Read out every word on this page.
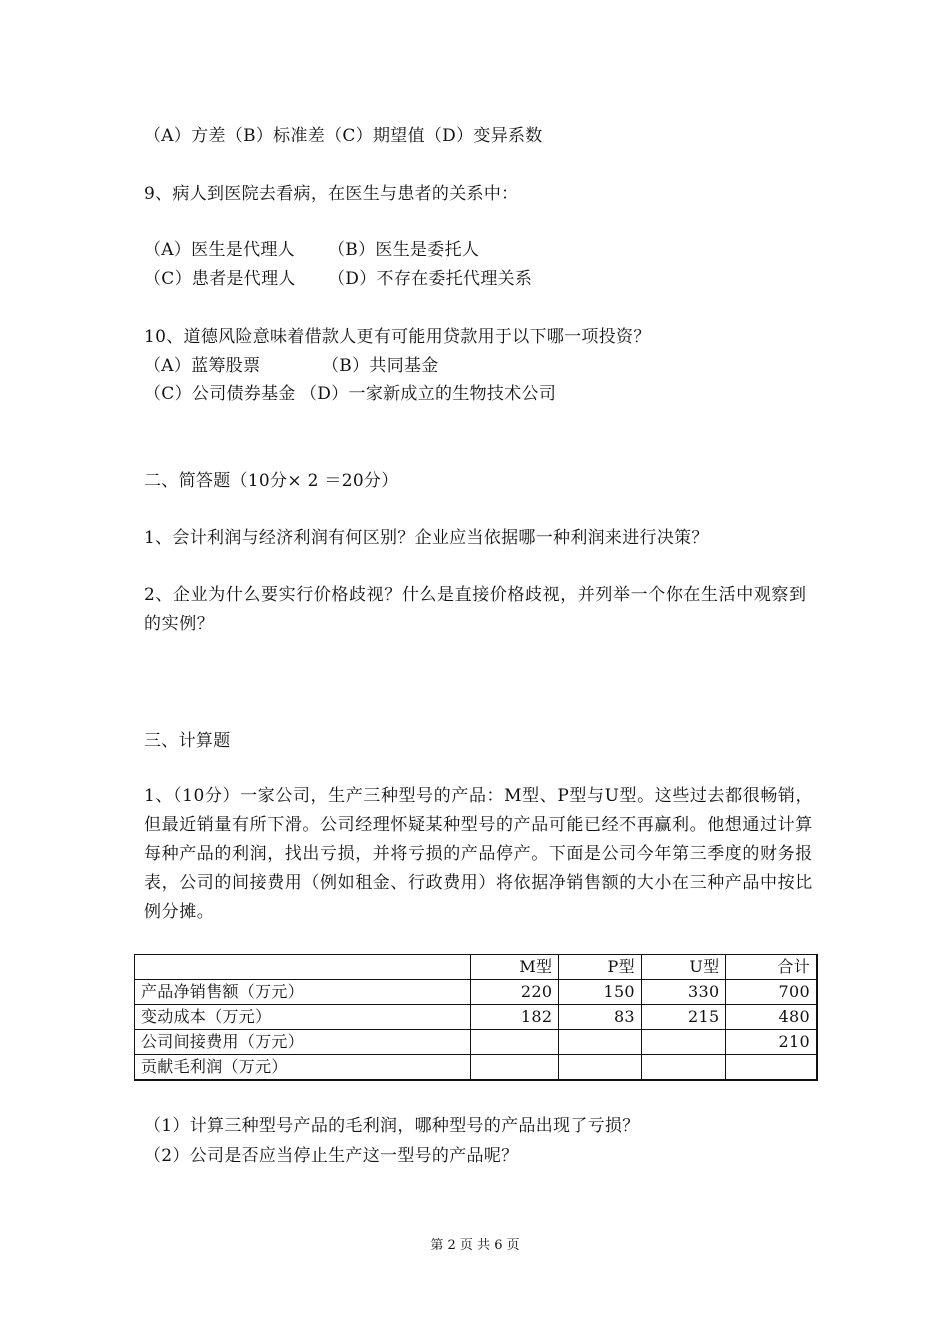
（A）方差（B）标准差（C）期望值（D）变异系数
9、病人到医院去看病，在医生与患者的关系中：
（A）医生是代理人 （B）医生是委托人
（C）患者是代理人 （D）不存在委托代理关系
10、道德风险意味着借款人更有可能用贷款用于以下哪一项投资？
（A）蓝筹股票	（B）共同基金
（C）公司债券基金 （D）一家新成立的生物技术公司
二、简答题（10分× 2 ＝20分）
1、会计利润与经济利润有何区别？企业应当依据哪一种利润来进行决策？
2、企业为什么要实行价格歧视？什么是直接价格歧视，并列举一个你在生活中观察到的实例？
三、计算题
1、（10分）一家公司，生产三种型号的产品：M型、P型与U型。这些过去都很畅销，但最近销量有所下滑。公司经理怀疑某种型号的产品可能已经不再赢利。他想通过计算每种产品的利润，找出亏损，并将亏损的产品停产。下面是公司今年第三季度的财务报表，公司的间接费用（例如租金、行政费用）将依据净销售额的大小在三种产品中按比例分摊。
	M型	P型	U型	合计
产品净销售额（万元）	220	150	330	700
变动成本（万元）	182	83	215	480
公司间接费用（万元）				210
贡献毛利润（万元）				
（1）计算三种型号产品的毛利润，哪种型号的产品出现了亏损？
（2）公司是否应当停止生产这一型号的产品呢？
第 2 页 共 6 页
